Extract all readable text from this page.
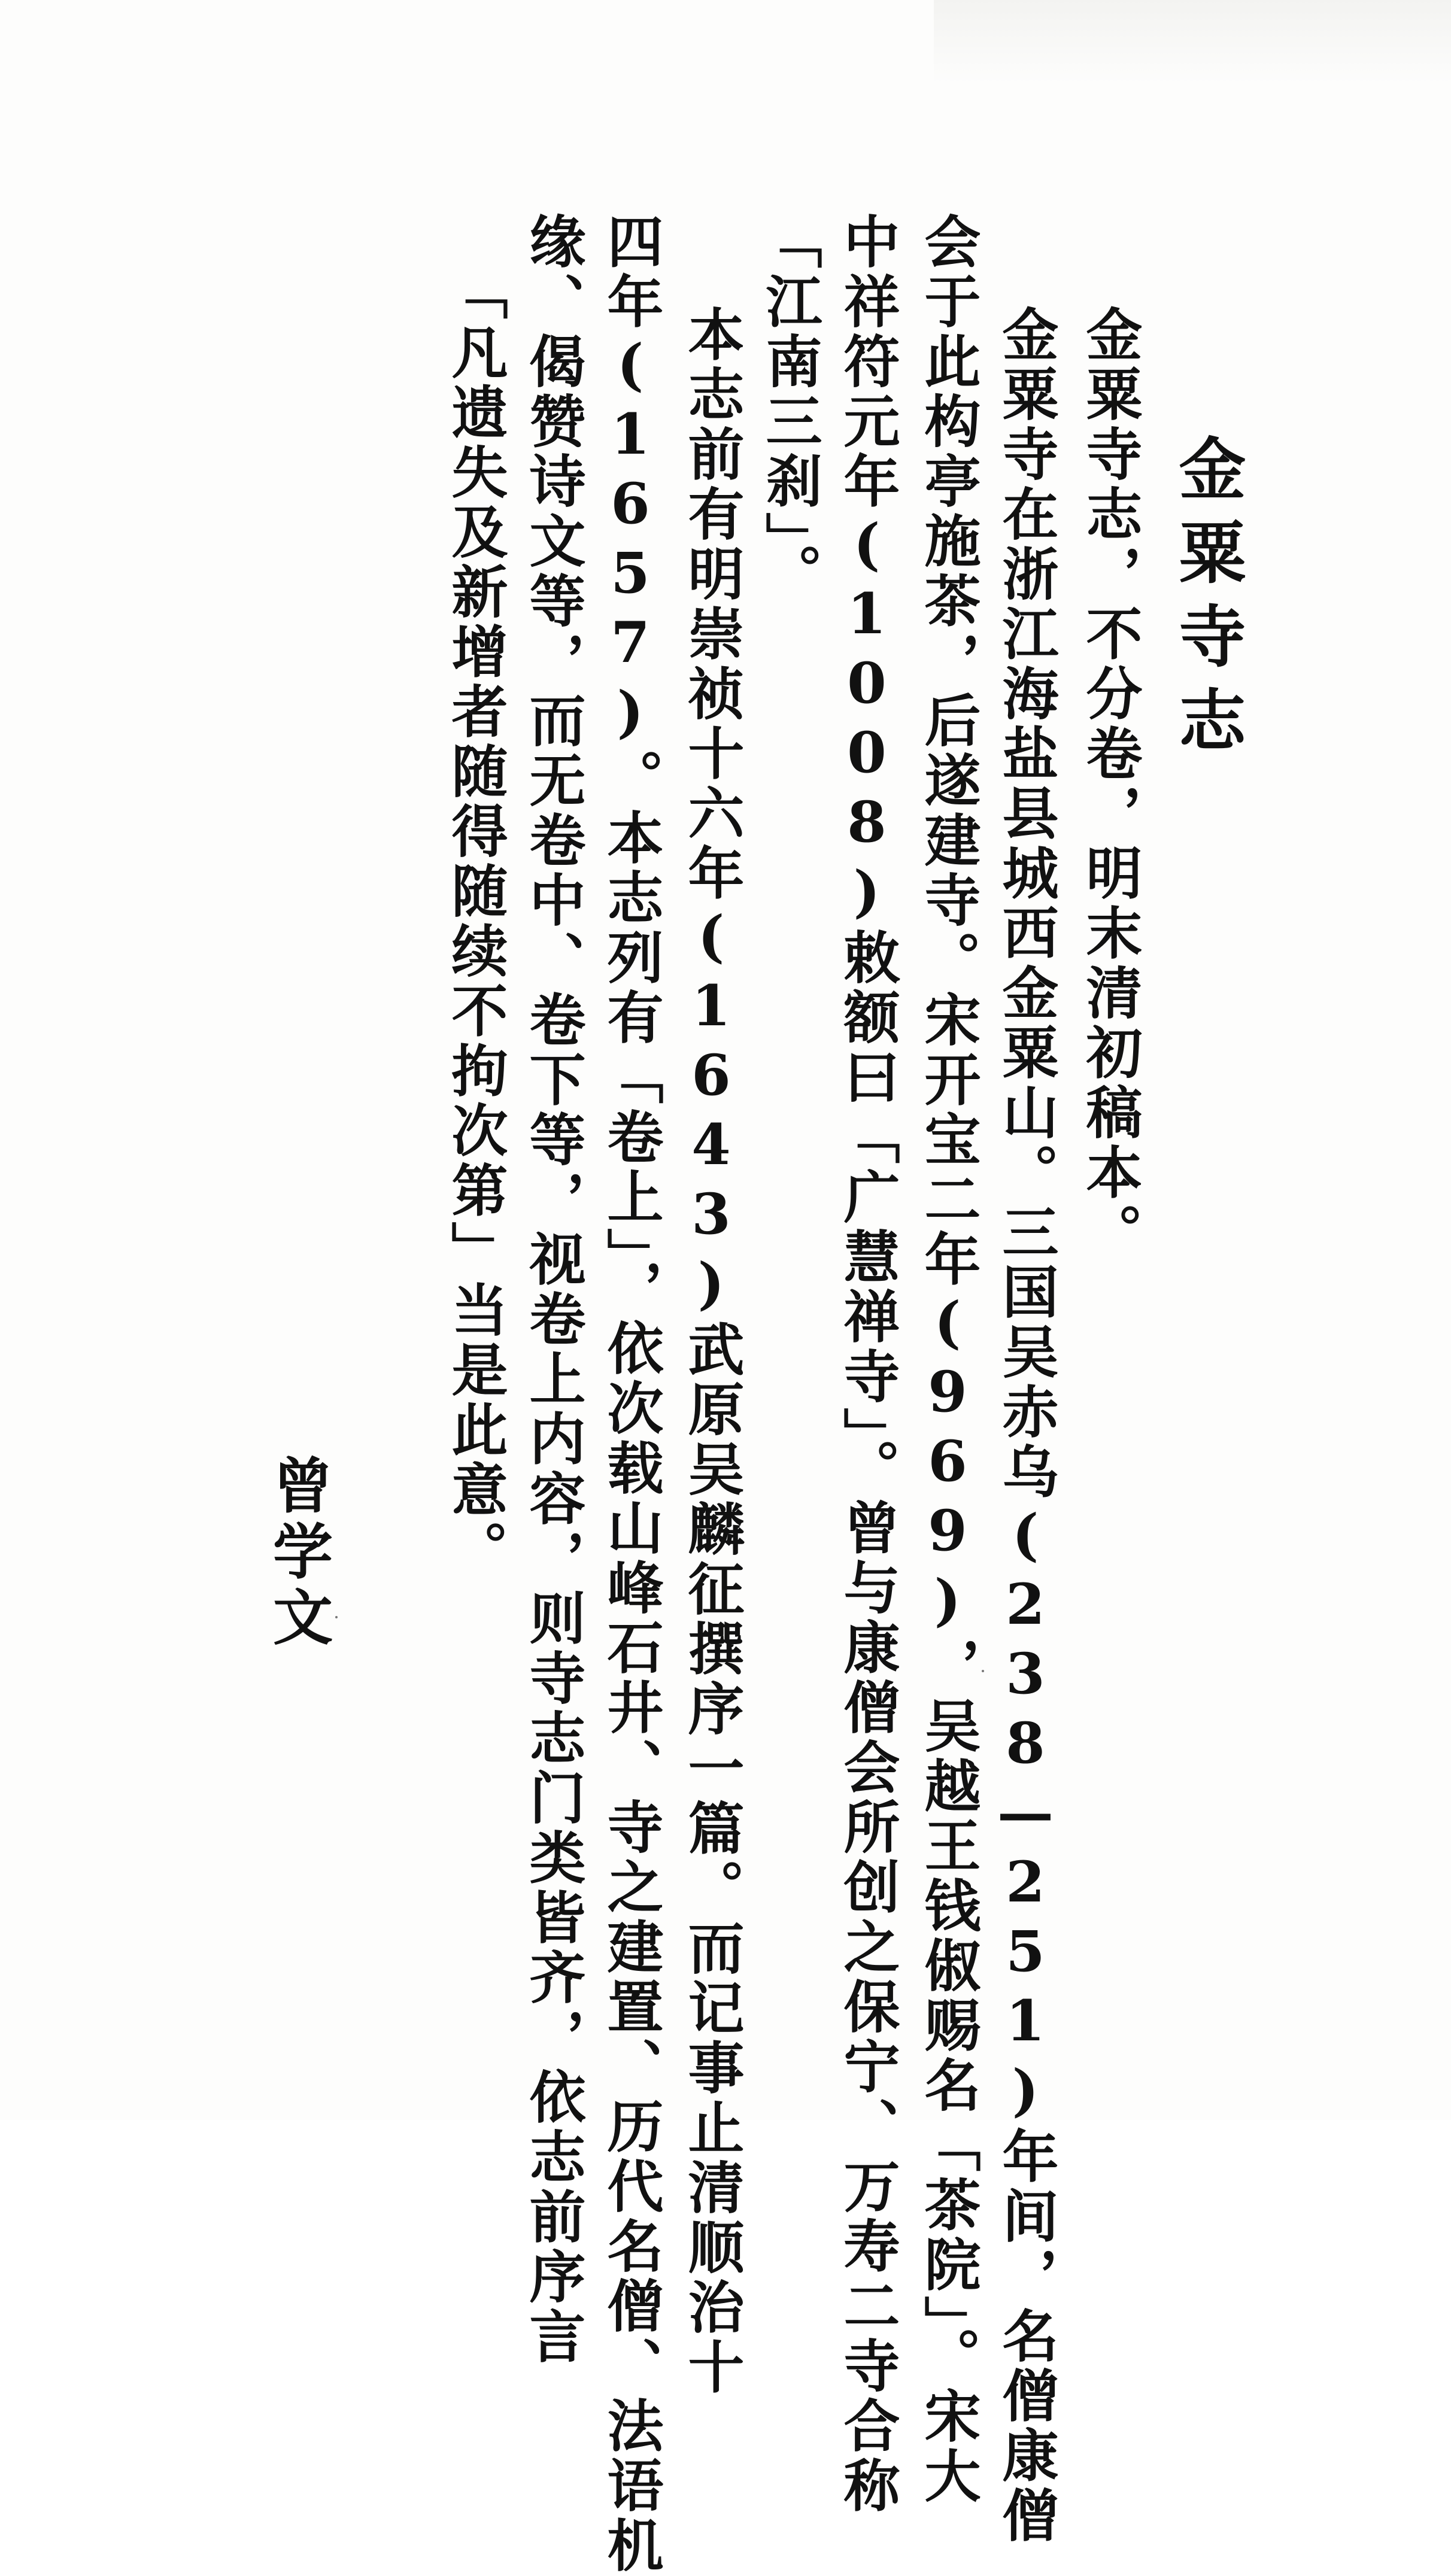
金粟寺志
金粟寺志，不分卷，明末清初稿本。
金粟寺在浙江海盐县城西金粟山。三国吴赤乌(238—251)年间，名僧康僧
会于此构亭施茶，后遂建寺。宋开宝二年(969)，吴越王钱俶赐名「茶院」。宋大
中祥符元年(1008)敕额曰「广慧禅寺」。曾与康僧会所创之保宁、万寿二寺合称
「江南三刹」。
本志前有明崇祯十六年(1643)武原吴麟征撰序一篇。而记事止清顺治十
四年(1657)。本志列有「卷上」，依次载山峰石井、寺之建置、历代名僧、法语机
缘、偈赞诗文等，而无卷中、卷下等，视卷上内容，则寺志门类皆齐，依志前序言
「凡遗失及新增者随得随续不拘次第」当是此意。
曾学文
